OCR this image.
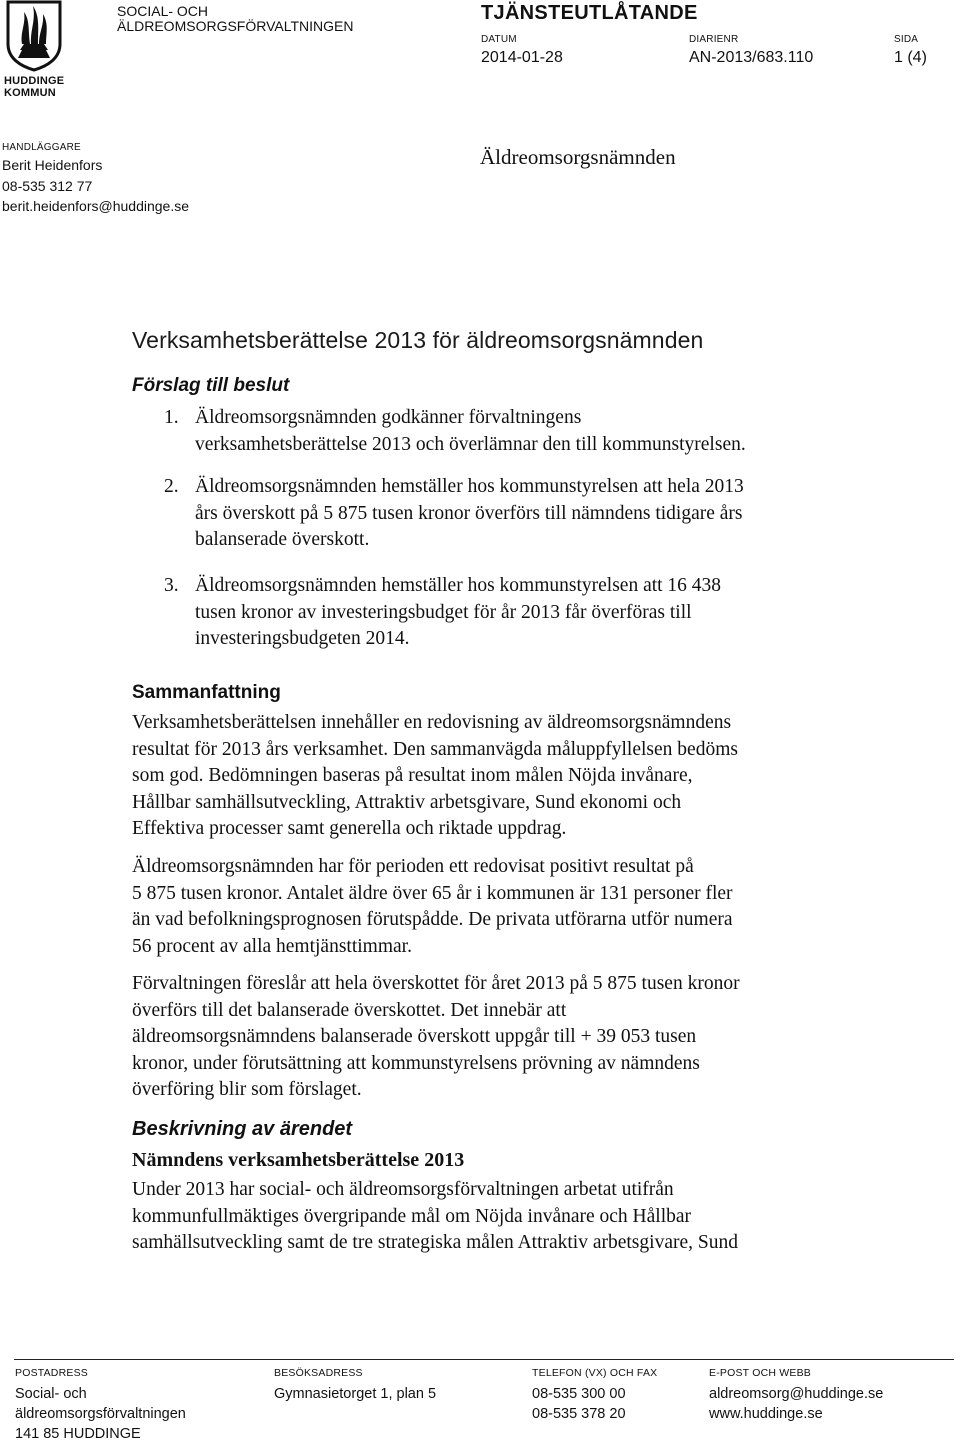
HUDDINGE
KOMMUN
SOCIAL- OCH
ÄLDREOMSORGSFÖRVALTNINGEN
TJÄNSTEUTLÅTANDE
DATUM
2014-01-28
DIARIENR
AN-2013/683.110
SIDA
1 (4)
HANDLÄGGARE
Berit Heidenfors
08-535 312 77
berit.heidenfors@huddinge.se
Äldreomsorgsnämnden
Verksamhetsberättelse 2013 för äldreomsorgsnämnden
Förslag till beslut
1. Äldreomsorgsnämnden godkänner förvaltningens
verksamhetsberättelse 2013 och överlämnar den till kommunstyrelsen.
2. Äldreomsorgsnämnden hemställer hos kommunstyrelsen att hela 2013
års överskott på 5 875 tusen kronor överförs till nämndens tidigare års
balanserade överskott.
3. Äldreomsorgsnämnden hemställer hos kommunstyrelsen att 16 438
tusen kronor av investeringsbudget för år 2013 får överföras till
investeringsbudgeten 2014.
Sammanfattning
Verksamhetsberättelsen innehåller en redovisning av äldreomsorgsnämndens
resultat för 2013 års verksamhet. Den sammanvägda måluppfyllelsen bedöms
som god. Bedömningen baseras på resultat inom målen Nöjda invånare,
Hållbar samhällsutveckling, Attraktiv arbetsgivare, Sund ekonomi och
Effektiva processer samt generella och riktade uppdrag.
Äldreomsorgsnämnden har för perioden ett redovisat positivt resultat på
5 875 tusen kronor. Antalet äldre över 65 år i kommunen är 131 personer fler
än vad befolkningsprognosen förutspådde. De privata utförarna utför numera
56 procent av alla hemtjänsttimmar.
Förvaltningen föreslår att hela överskottet för året 2013 på 5 875 tusen kronor
överförs till det balanserade överskottet. Det innebär att
äldreomsorgsnämndens balanserade överskott uppgår till + 39 053 tusen
kronor, under förutsättning att kommunstyrelsens prövning av nämndens
överföring blir som förslaget.
Beskrivning av ärendet
Nämndens verksamhetsberättelse 2013
Under 2013 har social- och äldreomsorgsförvaltningen arbetat utifrån
kommunfullmäktiges övergripande mål om Nöjda invånare och Hållbar
samhällsutveckling samt de tre strategiska målen Attraktiv arbetsgivare, Sund
POSTADRESS
Social- och
äldreomsorgsförvaltningen
141 85 HUDDINGE
BESÖKSADRESS
Gymnasietorget 1, plan 5
TELEFON (VX) OCH FAX
08-535 300 00
08-535 378 20
E-POST OCH WEBB
aldreomsorg@huddinge.se
www.huddinge.se
